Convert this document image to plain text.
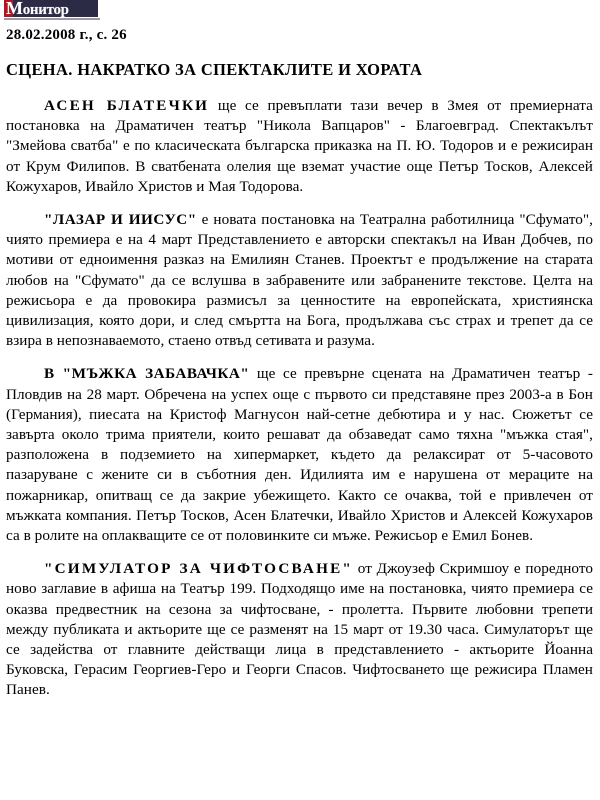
Монитор
28.02.2008 г., с. 26
СЦЕНА. НАКРАТКО ЗА СПЕКТАКЛИТЕ И ХОРАТА

АСЕН БЛАТЕЧКИ ще се превъплати тази вечер в Змея от премиерната постановка на Драматичен театър "Никола Вапцаров" - Благоевград. Спектакълът "Змейова сватба" е по класическата българска приказка на П. Ю. Тодоров и е режисиран от Крум Филипов. В сватбената олелия ще вземат участие още Петър Тосков, Алексей Кожухаров, Ивайло Христов и Мая Тодорова.

"ЛАЗАР И ИИСУС" е новата постановка на Театрална работилница "Сфумато", чиято премиера е на 4 март Представлението е авторски спектакъл на Иван Добчев, по мотиви от едноимення разказ на Емилиян Станев. Проектът е продължение на старата любов на "Сфумато" да се вслушва в забравените или забранените текстове. Целта на режисьора е да провокира размисъл за ценностите на европейската, християнска цивилизация, която дори, и след смъртта на Бога, продължава със страх и трепет да се взира в непознаваемото, стаено отвъд сетивата и разума.

В "МЪЖКА ЗАБАВАЧКА" ще се превърне сцената на Драматичен театър - Пловдив на 28 март. Обречена на успех още с първото си представяне през 2003-а в Бон (Германия), пиесата на Кристоф Магнусон най-сетне дебютира и у нас. Сюжетът се завърта около трима приятели, които решават да обзаведат само тяхна "мъжка стая", разположена в подземието на хипермаркет, където да релаксират от 5-часовото пазаруване с жените си в съботния ден. Идилията им е нарушена от мераците на пожарникар, опитващ се да закрие убежището. Както се очаква, той е привлечен от мъжката компания. Петър Тосков, Асен Блатечки, Ивайло Христов и Алексей Кожухаров са в ролите на оплакващите се от половинките си мъже. Режисьор е Емил Бонев.

"СИМУЛАТОР ЗА ЧИФТОСВАНЕ" от Джоузеф Скримшоу е поредното ново заглавие в афиша на Театър 199. Подходящо име на постановка, чиято премиера се оказва предвестник на сезона за чифтосване, - пролетта. Първите любовни трепети между публиката и актьорите ще се разменят на 15 март от 19.30 часа. Симулаторът ще се задейства от главните действащи лица в представлението - актьорите Йоанна Буковска, Герасим Георгиев-Геро и Георги Спасов. Чифтосването ще режисира Пламен Панев.
